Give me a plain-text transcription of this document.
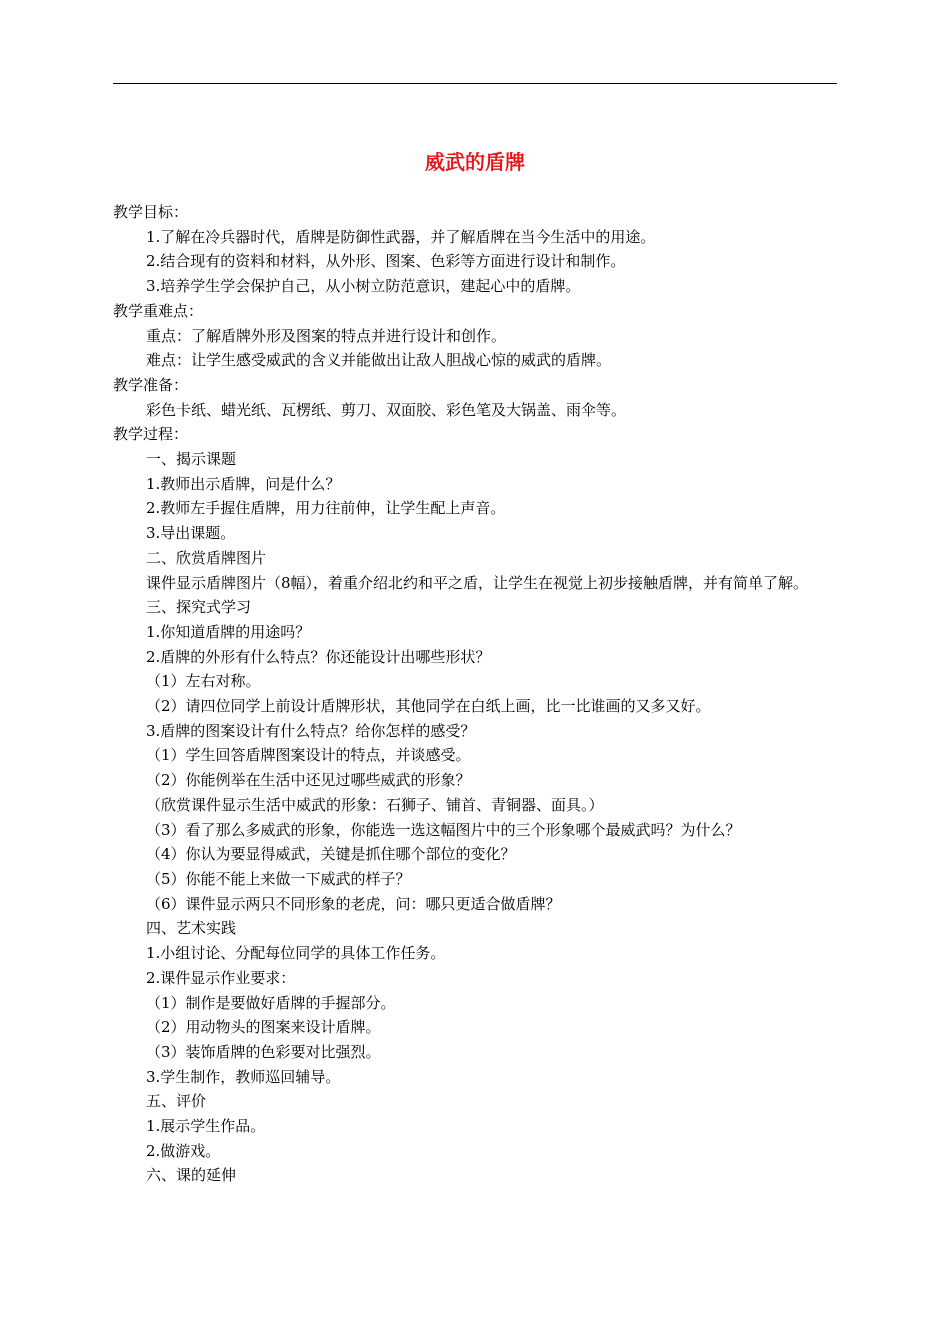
威武的盾牌

教学目标：

1.了解在冷兵器时代，盾牌是防御性武器，并了解盾牌在当今生活中的用途。

2.结合现有的资料和材料，从外形、图案、色彩等方面进行设计和制作。

3.培养学生学会保护自己，从小树立防范意识，建起心中的盾牌。

教学重难点：

重点：了解盾牌外形及图案的特点并进行设计和创作。

难点：让学生感受威武的含义并能做出让敌人胆战心惊的威武的盾牌。

教学准备：

彩色卡纸、蜡光纸、瓦楞纸、剪刀、双面胶、彩色笔及大锅盖、雨伞等。

教学过程：

一、揭示课题

1.教师出示盾牌，问是什么？

2.教师左手握住盾牌，用力往前伸，让学生配上声音。

3.导出课题。

二、欣赏盾牌图片

课件显示盾牌图片（8幅），着重介绍北约和平之盾，让学生在视觉上初步接触盾牌，并有简单了解。

三、探究式学习

1.你知道盾牌的用途吗？

2.盾牌的外形有什么特点？你还能设计出哪些形状？

（1）左右对称。

（2）请四位同学上前设计盾牌形状，其他同学在白纸上画，比一比谁画的又多又好。

3.盾牌的图案设计有什么特点？给你怎样的感受？

（1）学生回答盾牌图案设计的特点，并谈感受。

（2）你能例举在生活中还见过哪些威武的形象？

（欣赏课件显示生活中威武的形象：石狮子、铺首、青铜器、面具。）

（3）看了那么多威武的形象，你能选一选这幅图片中的三个形象哪个最威武吗？为什么？

（4）你认为要显得威武，关键是抓住哪个部位的变化？

（5）你能不能上来做一下威武的样子？

（6）课件显示两只不同形象的老虎，问：哪只更适合做盾牌？

四、艺术实践

1.小组讨论、分配每位同学的具体工作任务。

2.课件显示作业要求：

（1）制作是要做好盾牌的手握部分。

（2）用动物头的图案来设计盾牌。

（3）装饰盾牌的色彩要对比强烈。

3.学生制作，教师巡回辅导。

五、评价

1.展示学生作品。

2.做游戏。

六、课的延伸
